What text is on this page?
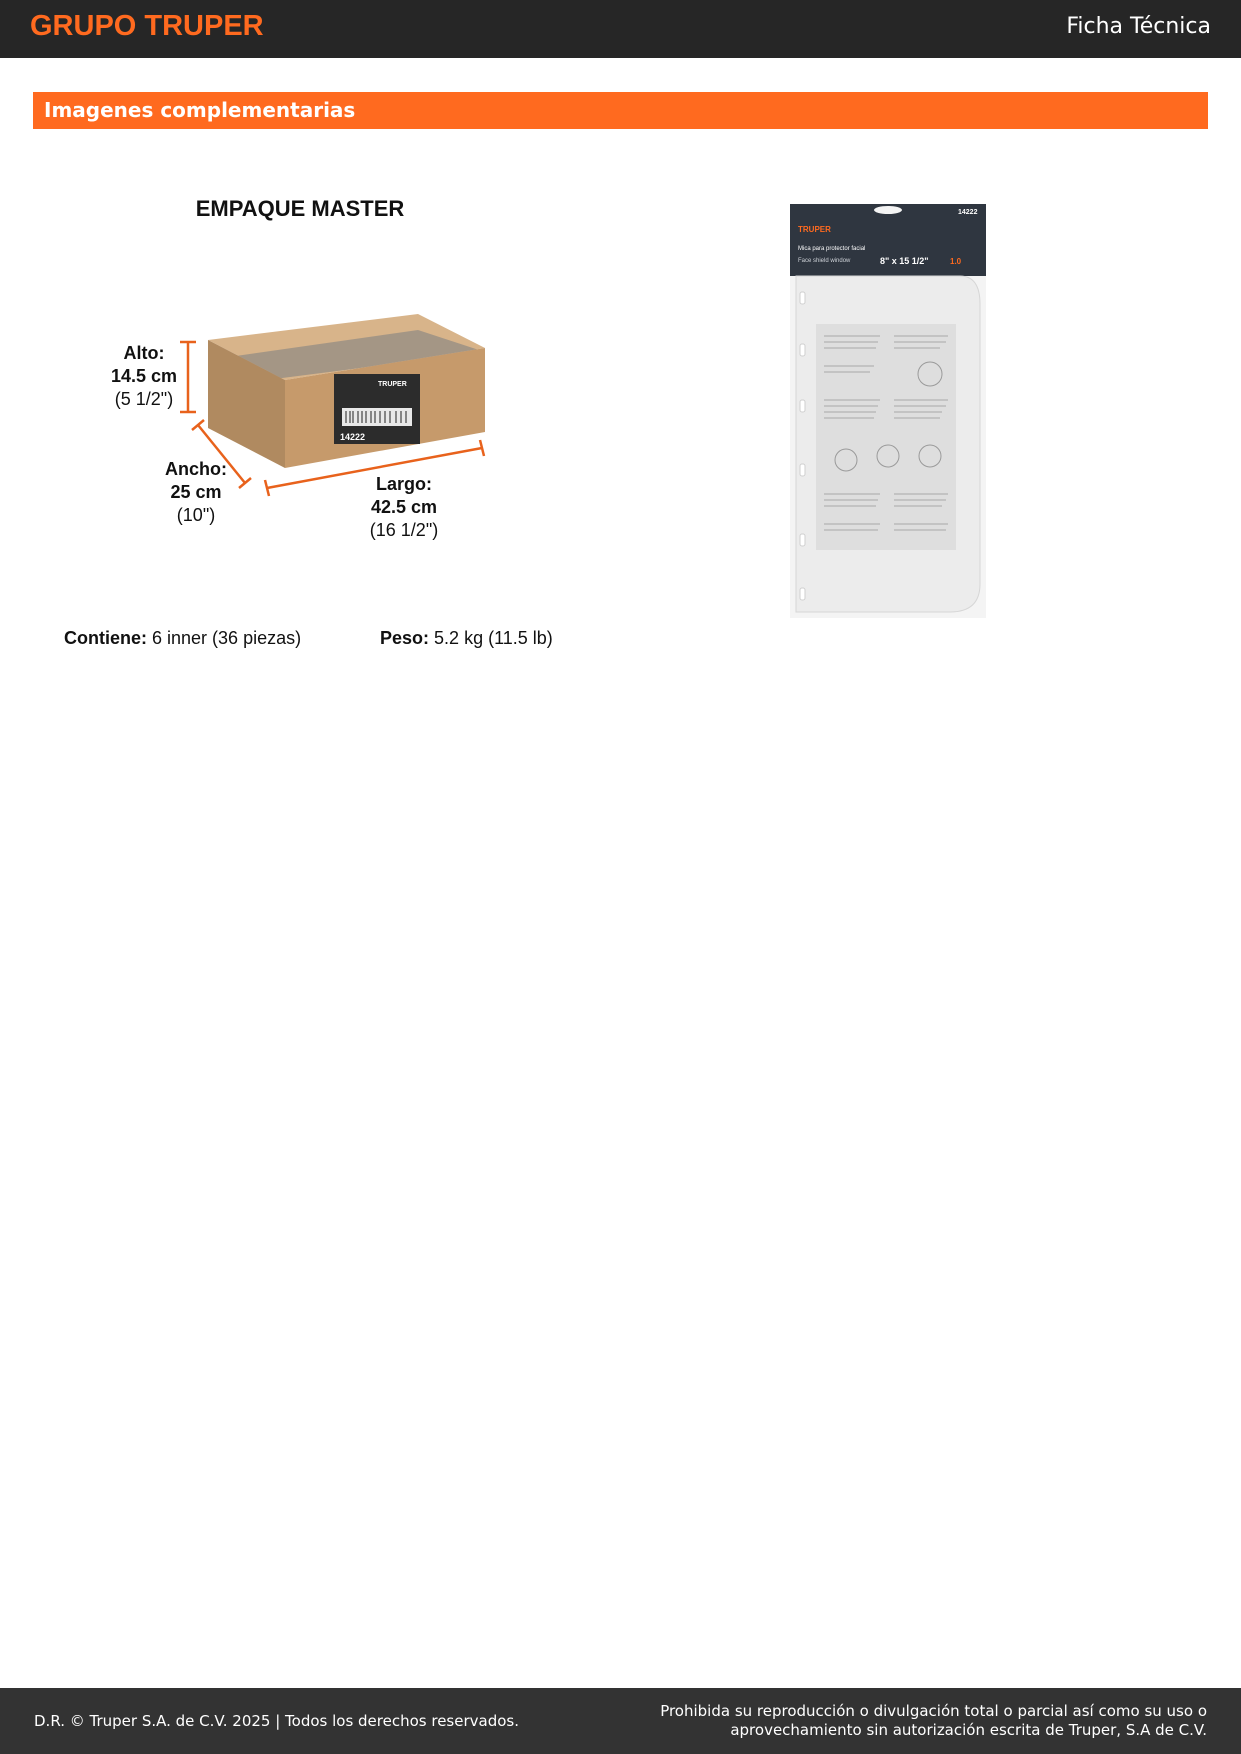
GRUPO TRUPER	Ficha Técnica
Imagenes complementarias
EMPAQUE MASTER
14222
TRUPER
Alto:
14.5 cm
(5 1/2")
Ancho:
25 cm
(10")
Largo:
42.5 cm
(16 1/2")
Contiene: 6 inner (36 piezas)	Peso: 5.2 kg (11.5 lb)
TRUPER
14222
Mica para protector facial
Face shield window	8" x 15 1/2"	1.0
D.R. © Truper S.A. de C.V. 2025 | Todos los derechos reservados.
Prohibida su reproducción o divulgación total o parcial así como su uso o
aprovechamiento sin autorización escrita de Truper, S.A de C.V.
